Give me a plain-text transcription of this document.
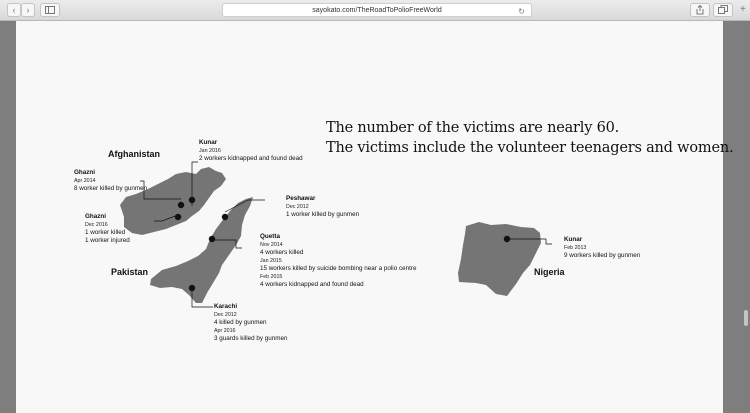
‹	›	sayokato.com/TheRoadToPolioFreeWorld	↻	+
The number of the victims are nearly 60.
The victims include the volunteer teenagers and women.
Afghanistan
Pakistan	Nigeria
Kunar
Jan 2016
2 workers kidnapped and found dead
Ghazni
Apr 2014
8 worker killed by gunmen
Ghazni
Dec 2016
1 worker killed
1 worker injured
Peshawar
Dec 2012
1 worker killed by gunmen
Quetta
Nov 2014
4 workers killed
Jan 2015
15 workers killed by suicide bombing near a polio centre
Feb 2015
4 workers kidnapped and found dead
Karachi
Dec 2012
4 killed by gunmen
Apr 2016
3 guards killed by gunmen
Kunar
Feb 2013
9 workers killed by gunmen
